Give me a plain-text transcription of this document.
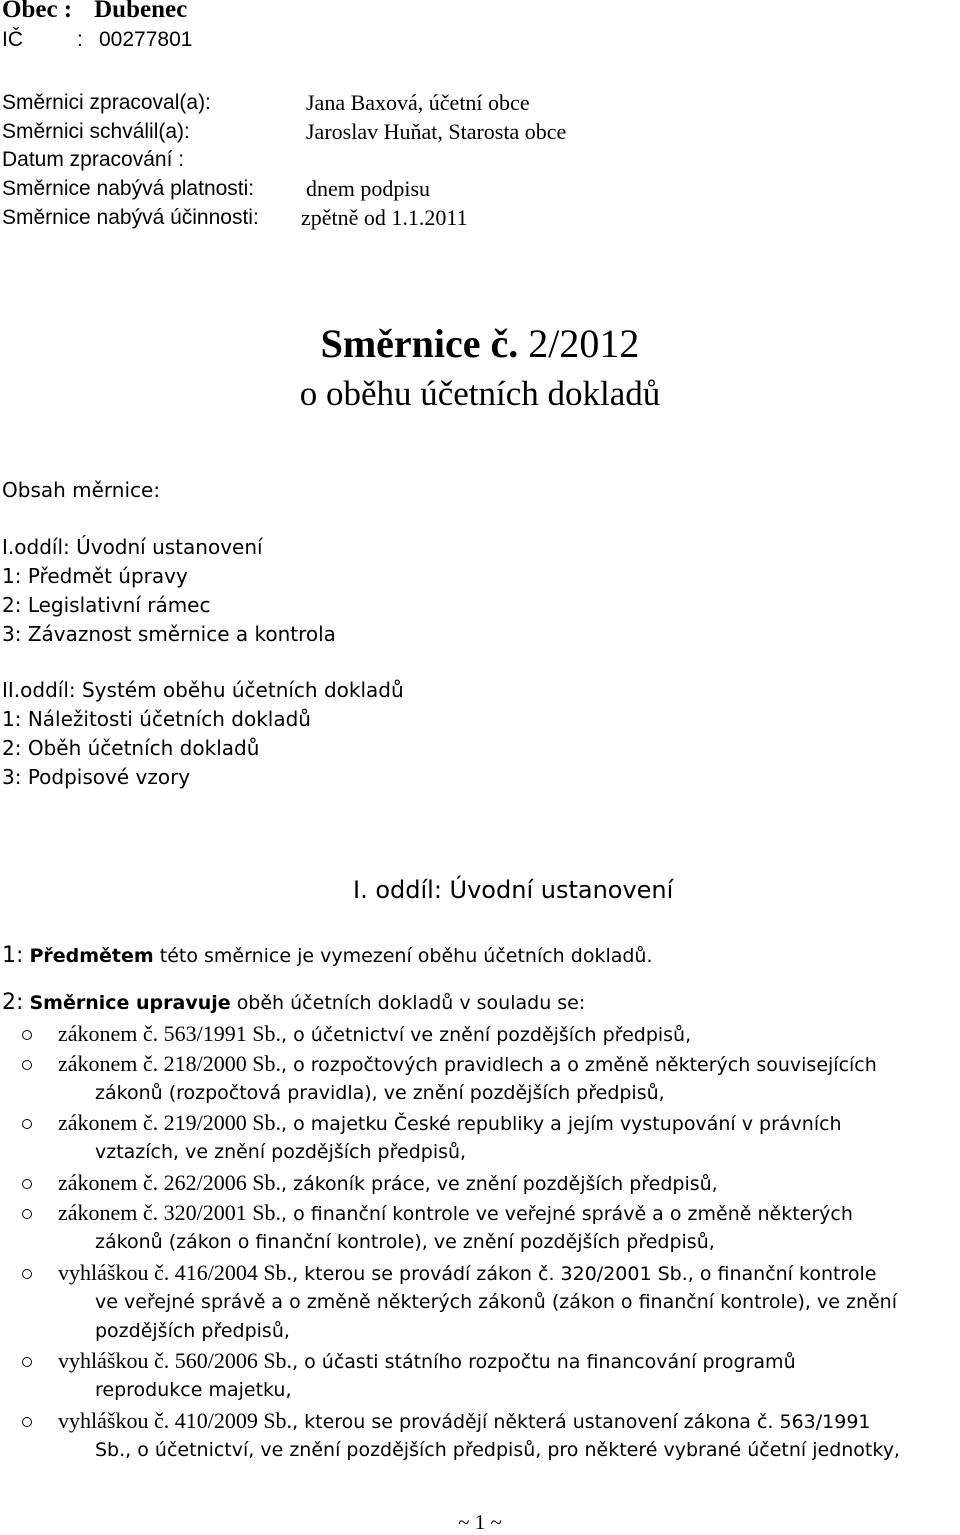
Obec : Dubenec
IČ	: 00277801
Směrnici zpracoval(a):	Jana Baxová, účetní obce
Směrnici schválil(a):	Jaroslav Huňat, Starosta obce
Datum zpracování :
Směrnice nabývá platnosti: dnem podpisu
Směrnice nabývá účinnosti: zpětně od 1.1.2011
Směrnice č. 2/2012
o oběhu účetních dokladů
Obsah měrnice:
I.oddíl: Úvodní ustanovení
1: Předmět úpravy
2: Legislativní rámec
3: Závaznost směrnice a kontrola
II.oddíl: Systém oběhu účetních dokladů
1: Náležitosti účetních dokladů
2: Oběh účetních dokladů
3: Podpisové vzory
I. oddíl: Úvodní ustanovení
1: Předmětem této směrnice je vymezení oběhu účetních dokladů.
2: Směrnice upravuje oběh účetních dokladů v souladu se:
zákonem č. 563/1991 Sb., o účetnictví ve znění pozdějších předpisů,
zákonem č. 218/2000 Sb., o rozpočtových pravidlech a o změně některých souvisejících
zákonů (rozpočtová pravidla), ve znění pozdějších předpisů,
zákonem č. 219/2000 Sb., o majetku České republiky a jejím vystupování v právních
vztazích, ve znění pozdějších předpisů,
zákonem č. 262/2006 Sb., zákoník práce, ve znění pozdějších předpisů,
zákonem č. 320/2001 Sb., o finanční kontrole ve veřejné správě a o změně některých
zákonů (zákon o finanční kontrole), ve znění pozdějších předpisů,
vyhláškou č. 416/2004 Sb., kterou se provádí zákon č. 320/2001 Sb., o finanční kontrole
ve veřejné správě a o změně některých zákonů (zákon o finanční kontrole), ve znění
pozdějších předpisů,
vyhláškou č. 560/2006 Sb., o účasti státního rozpočtu na financování programů
reprodukce majetku,
vyhláškou č. 410/2009 Sb., kterou se provádějí některá ustanovení zákona č. 563/1991
Sb., o účetnictví, ve znění pozdějších předpisů, pro některé vybrané účetní jednotky,
~ 1 ~
